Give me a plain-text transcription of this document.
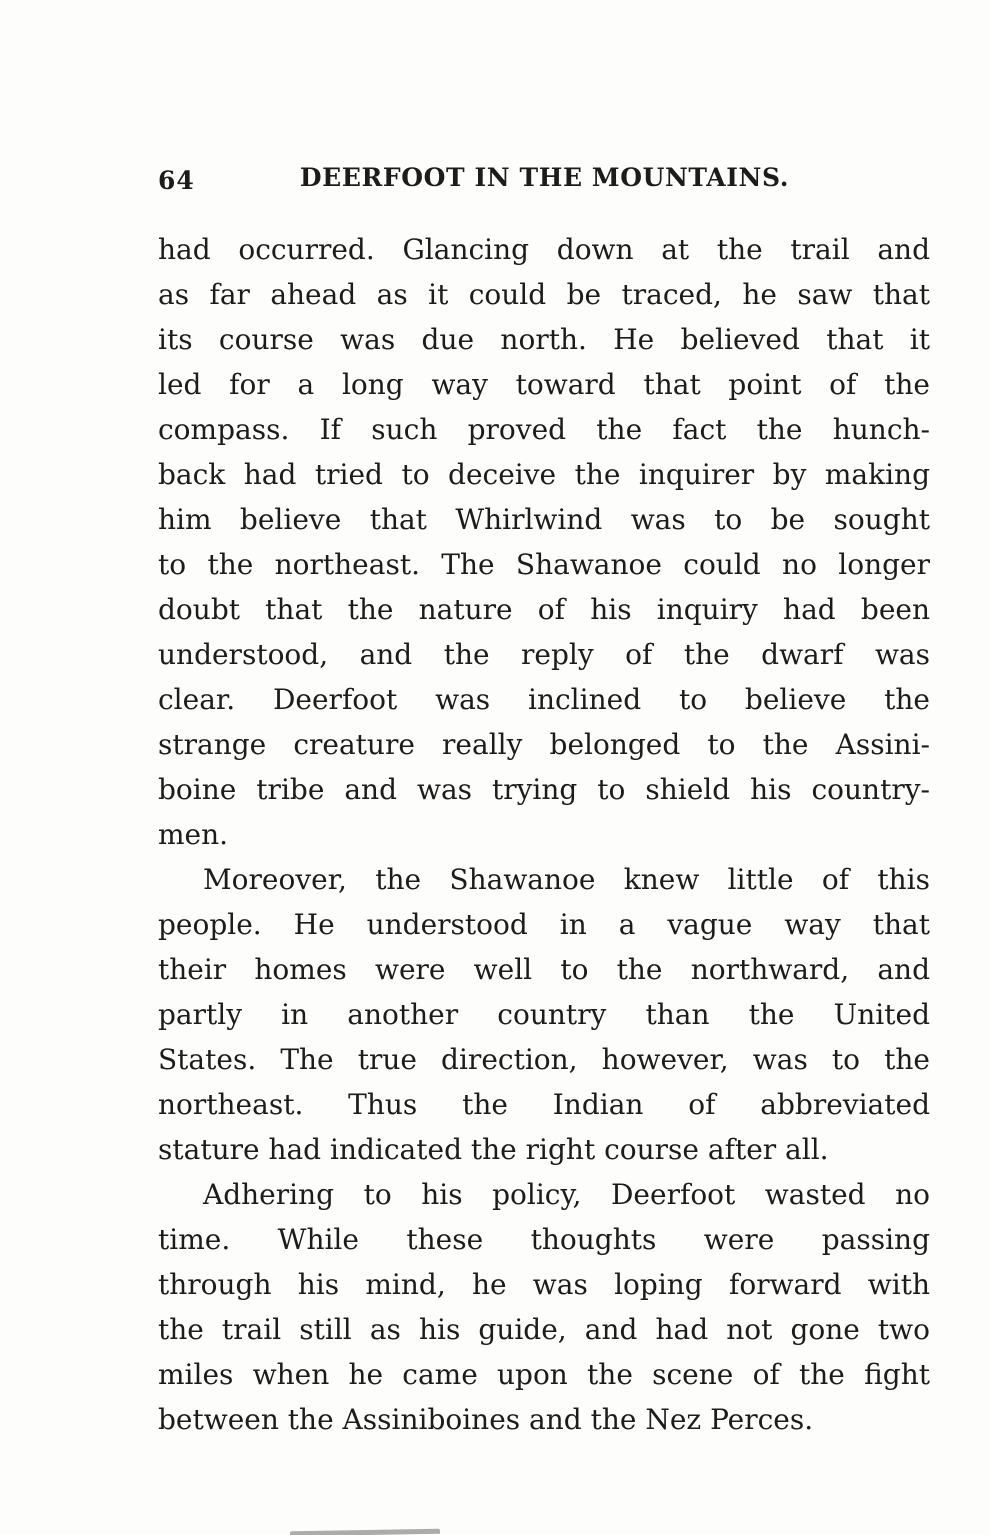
64	DEERFOOT IN THE MOUNTAINS.
had occurred. Glancing down at the trail and
as far ahead as it could be traced, he saw that
its course was due north. He believed that it
led for a long way toward that point of the
compass. If such proved the fact the hunch-
back had tried to deceive the inquirer by making
him believe that Whirlwind was to be sought
to the northeast. The Shawanoe could no longer
doubt that the nature of his inquiry had been
understood, and the reply of the dwarf was
clear. Deerfoot was inclined to believe the
strange creature really belonged to the Assini-
boine tribe and was trying to shield his country-
men.
Moreover, the Shawanoe knew little of this
people. He understood in a vague way that
their homes were well to the northward, and
partly in another country than the United
States. The true direction, however, was to the
northeast. Thus the Indian of abbreviated
stature had indicated the right course after all.
Adhering to his policy, Deerfoot wasted no
time. While these thoughts were passing
through his mind, he was loping forward with
the trail still as his guide, and had not gone two
miles when he came upon the scene of the fight
between the Assiniboines and the Nez Perces.
